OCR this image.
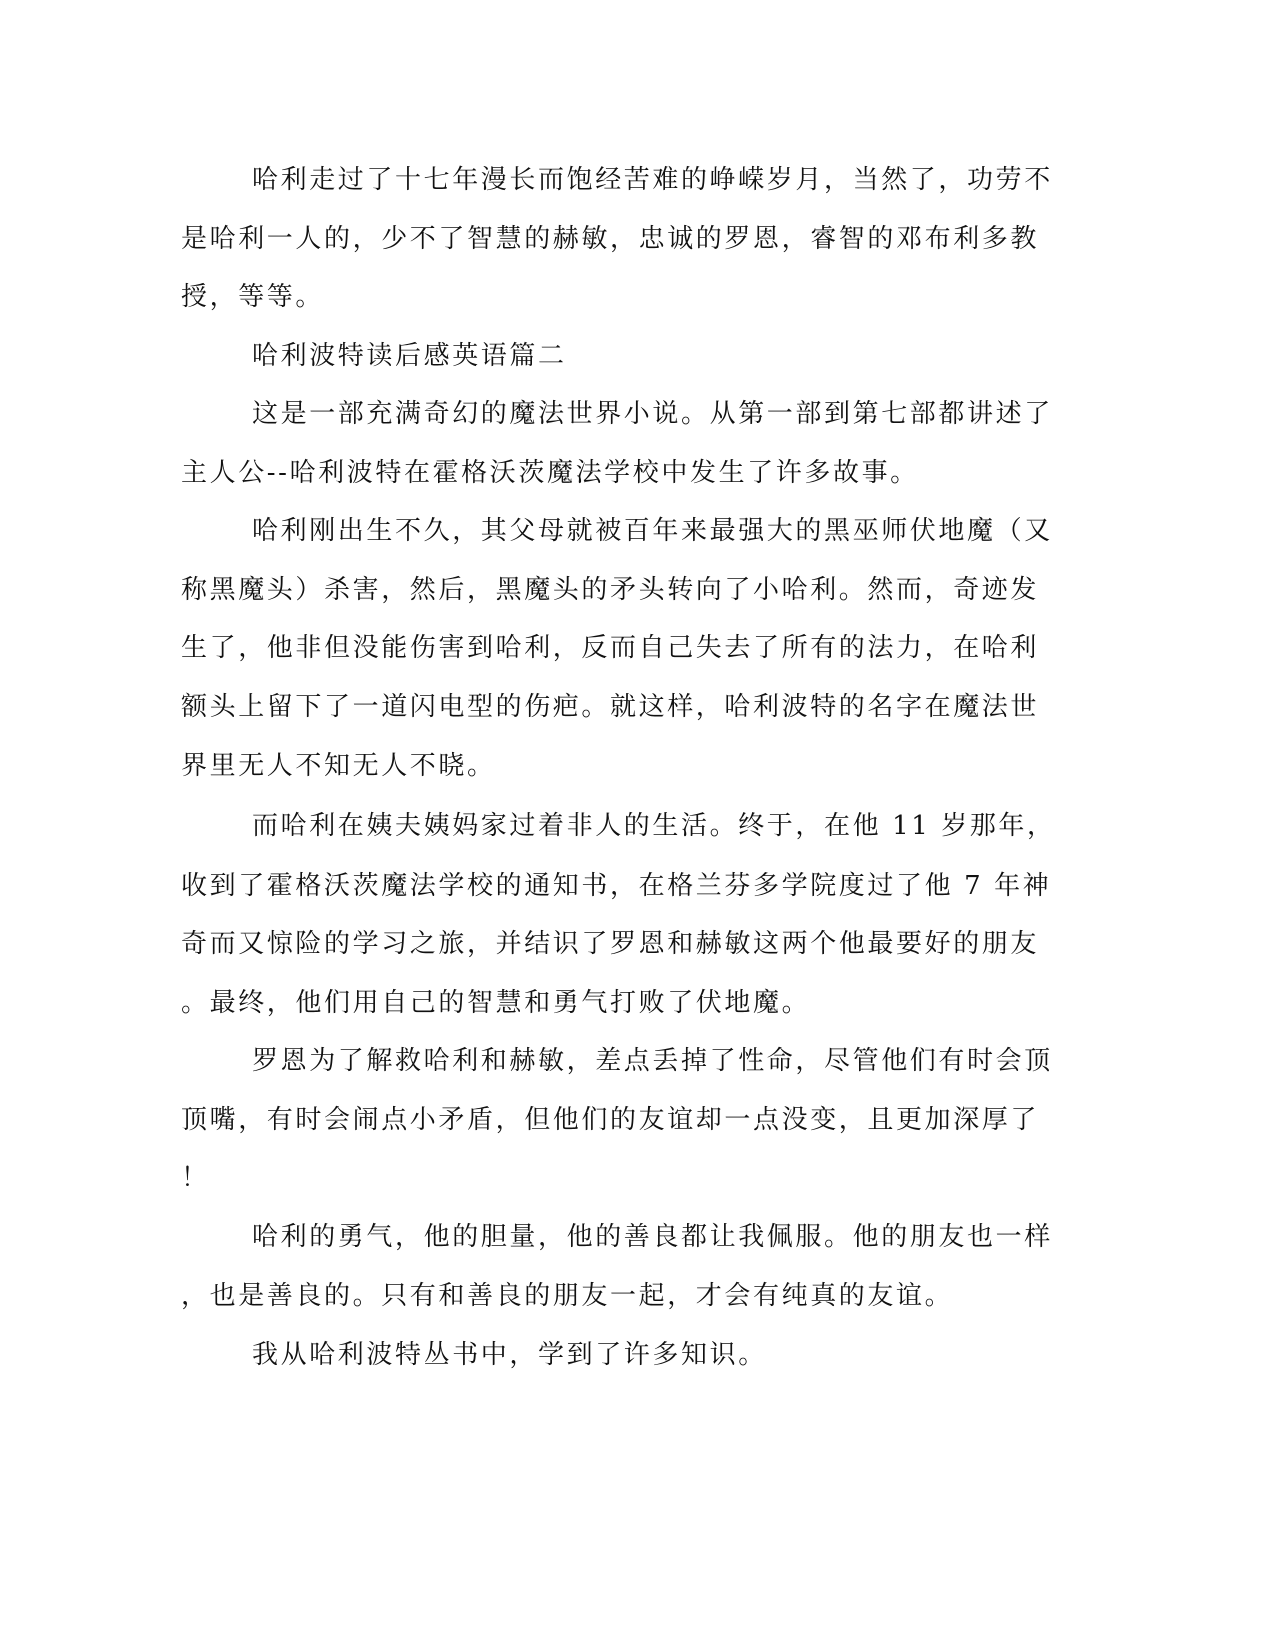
哈利走过了十七年漫长而饱经苦难的峥嵘岁月，当然了，功劳不
是哈利一人的，少不了智慧的赫敏，忠诚的罗恩，睿智的邓布利多教
授，等等。
哈利波特读后感英语篇二
这是一部充满奇幻的魔法世界小说。从第一部到第七部都讲述了
主人公--哈利波特在霍格沃茨魔法学校中发生了许多故事。
哈利刚出生不久，其父母就被百年来最强大的黑巫师伏地魔（又
称黑魔头）杀害，然后，黑魔头的矛头转向了小哈利。然而，奇迹发
生了，他非但没能伤害到哈利，反而自己失去了所有的法力，在哈利
额头上留下了一道闪电型的伤疤。就这样，哈利波特的名字在魔法世
界里无人不知无人不晓。
而哈利在姨夫姨妈家过着非人的生活。终于，在他 11 岁那年，
收到了霍格沃茨魔法学校的通知书，在格兰芬多学院度过了他 7 年神
奇而又惊险的学习之旅，并结识了罗恩和赫敏这两个他最要好的朋友
。最终，他们用自己的智慧和勇气打败了伏地魔。
罗恩为了解救哈利和赫敏，差点丢掉了性命，尽管他们有时会顶
顶嘴，有时会闹点小矛盾，但他们的友谊却一点没变，且更加深厚了
！
哈利的勇气，他的胆量，他的善良都让我佩服。他的朋友也一样
，也是善良的。只有和善良的朋友一起，才会有纯真的友谊。
我从哈利波特丛书中，学到了许多知识。
